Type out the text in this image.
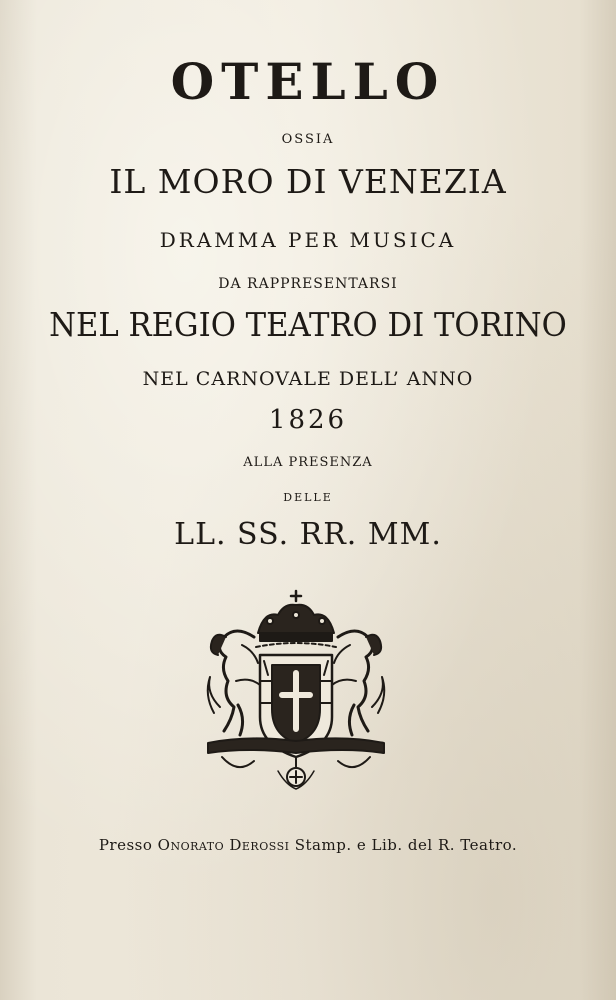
OTELLO
OSSIA
IL MORO DI VENEZIA
DRAMMA PER MUSICA
DA RAPPRESENTARSI
NEL REGIO TEATRO DI TORINO
NEL CARNOVALE DELL’ ANNO
1826
ALLA PRESENZA
DELLE
LL. SS. RR. MM.
Presso Onorato Derossi Stamp. e Lib. del R. Teatro.
